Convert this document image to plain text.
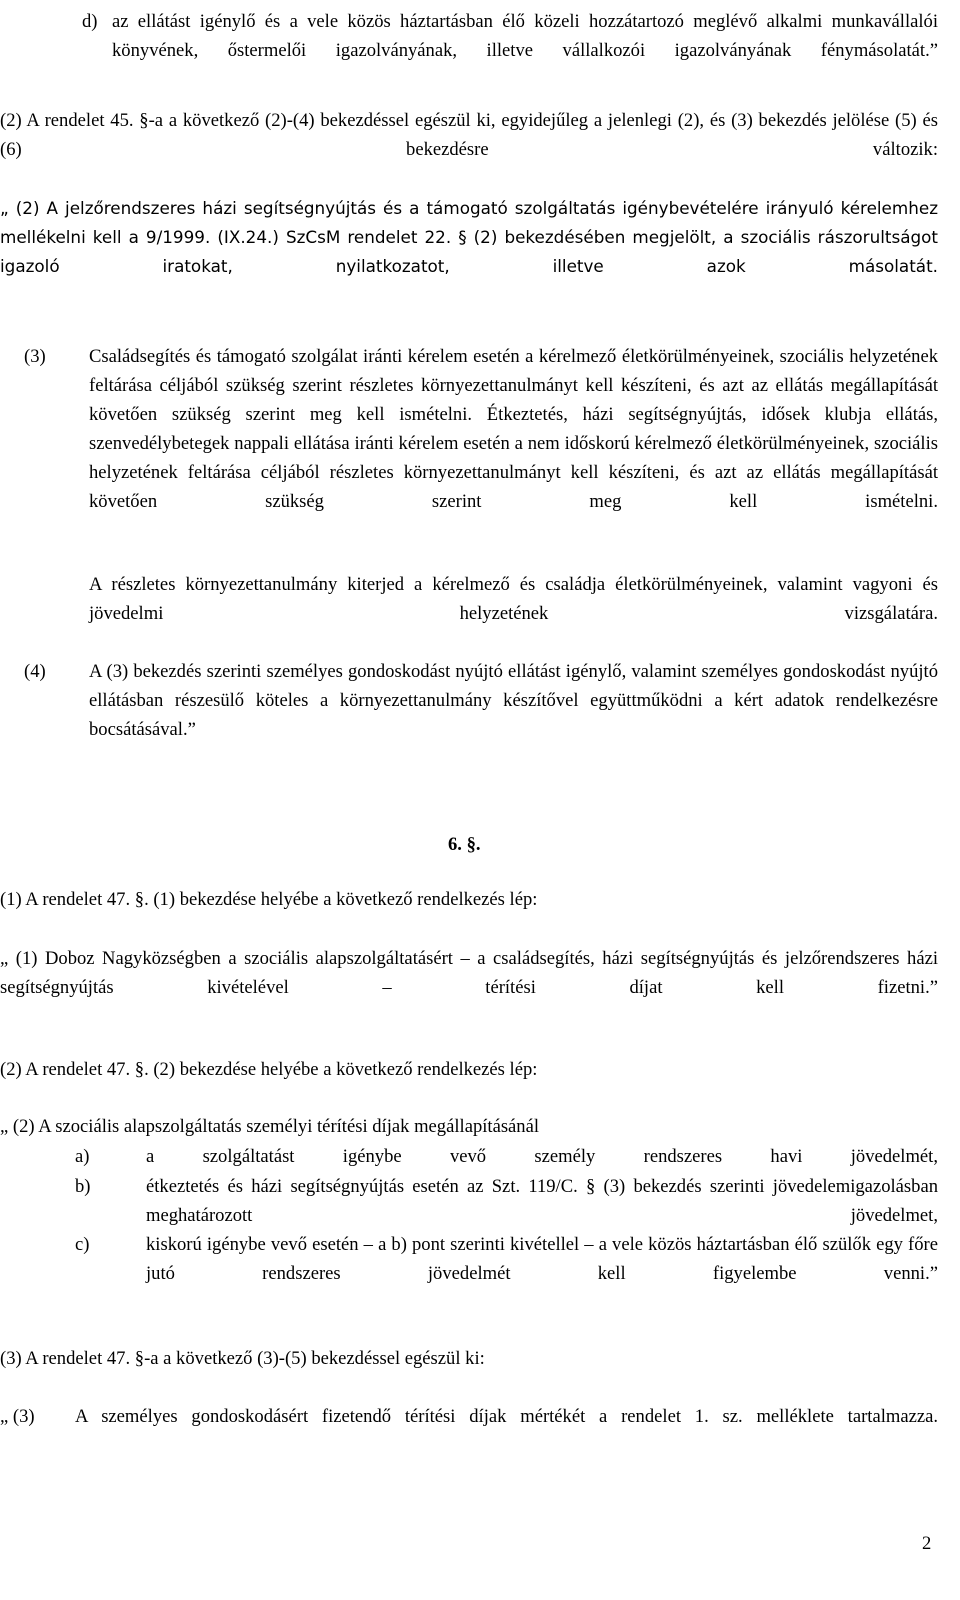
d) az ellátást igénylő és a vele közös háztartásban élő közeli hozzátartozó meglévő alkalmi munkavállalói könyvének, őstermelői igazolványának, illetve vállalkozói igazolványának fénymásolatát.”

(2) A rendelet 45. §-a a következő (2)-(4) bekezdéssel egészül ki, egyidejűleg a jelenlegi (2), és (3) bekezdés jelölése (5) és (6) bekezdésre változik:

„ (2) A jelzőrendszeres házi segítségnyújtás és a támogató szolgáltatás igénybevételére irányuló kérelemhez mellékelni kell a 9/1999. (IX.24.) SzCsM rendelet 22. § (2) bekezdésében megjelölt, a szociális rászorultságot igazoló iratokat, nyilatkozatot, illetve azok másolatát.

(3) Családsegítés és támogató szolgálat iránti kérelem esetén a kérelmező életkörülményeinek, szociális helyzetének feltárása céljából szükség szerint részletes környezettanulmányt kell készíteni, és azt az ellátás megállapítását követően szükség szerint meg kell ismételni. Étkeztetés, házi segítségnyújtás, idősek klubja ellátás, szenvedélybetegek nappali ellátása iránti kérelem esetén a nem időskorú kérelmező életkörülményeinek, szociális helyzetének feltárása céljából részletes környezettanulmányt kell készíteni, és azt az ellátás megállapítását követően szükség szerint meg kell ismételni.

A részletes környezettanulmány kiterjed a kérelmező és családja életkörülményeinek, valamint vagyoni és jövedelmi helyzetének vizsgálatára.

(4) A (3) bekezdés szerinti személyes gondoskodást nyújtó ellátást igénylő, valamint személyes gondoskodást nyújtó ellátásban részesülő köteles a környezettanulmány készítővel együttműködni a kért adatok rendelkezésre bocsátásával.”

6. §.

(1) A rendelet 47. §. (1) bekezdése helyébe a következő rendelkezés lép:

„ (1) Doboz Nagyközségben a szociális alapszolgáltatásért – a családsegítés, házi segítségnyújtás és jelzőrendszeres házi segítségnyújtás kivételével – térítési díjat kell fizetni.”

(2) A rendelet 47. §. (2) bekezdése helyébe a következő rendelkezés lép:

„ (2) A szociális alapszolgáltatás személyi térítési díjak megállapításánál

a)	a szolgáltatást igénybe vevő személy rendszeres havi jövedelmét,

b)	étkeztetés és házi segítségnyújtás esetén az Szt. 119/C. § (3) bekezdés szerinti jövedelemigazolásban meghatározott jövedelmet,

c)	kiskorú igénybe vevő esetén – a b) pont szerinti kivétellel – a vele közös háztartásban élő szülők egy főre jutó rendszeres jövedelmét kell figyelembe venni.”

(3) A rendelet 47. §-a a következő (3)-(5) bekezdéssel egészül ki:

„ (3) A személyes gondoskodásért fizetendő térítési díjak mértékét a rendelet 1. sz. melléklete tartalmazza.

2
